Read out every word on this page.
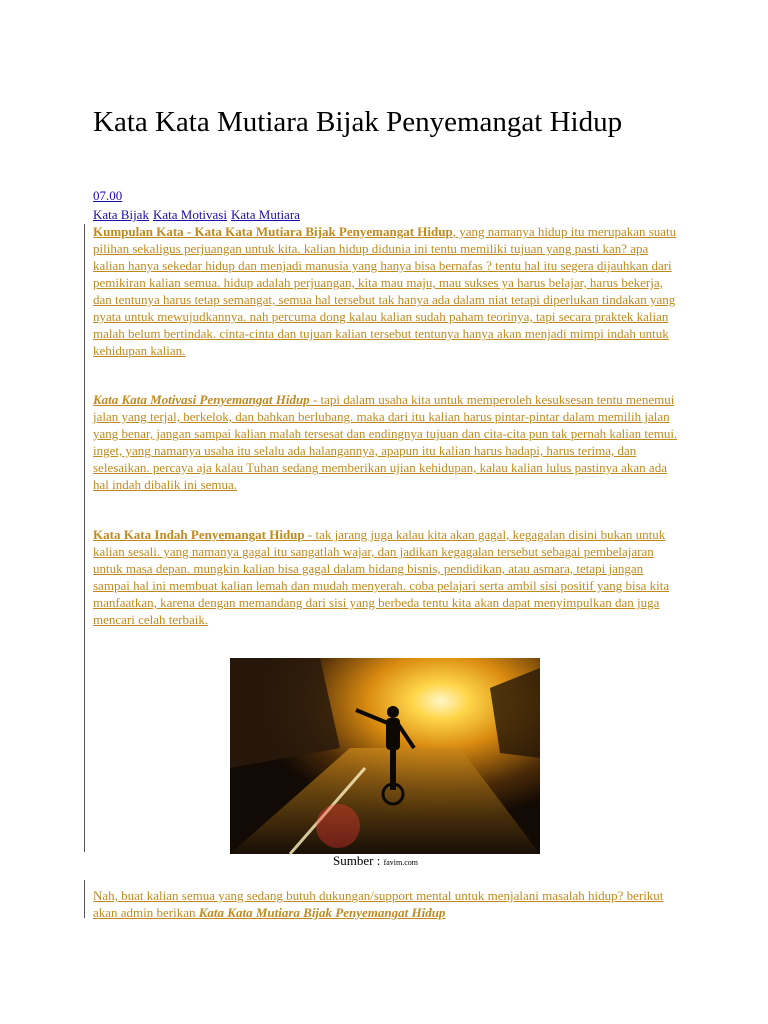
Kata Kata Mutiara Bijak Penyemangat Hidup
07.00
Kata Bijak Kata Motivasi Kata Mutiara
Kumpulan Kata - Kata Kata Mutiara Bijak Penyemangat Hidup, yang namanya hidup itu merupakan suatu pilihan sekaligus perjuangan untuk kita. kalian hidup didunia ini tentu memiliki tujuan yang pasti kan? apa kalian hanya sekedar hidup dan menjadi manusia yang hanya bisa bernafas ? tentu hal itu segera dijauhkan dari pemikiran kalian semua. hidup adalah perjuangan, kita mau maju, mau sukses ya harus belajar, harus bekerja, dan tentunya harus tetap semangat, semua hal tersebut tak hanya ada dalam niat tetapi diperlukan tindakan yang nyata untuk mewujudkannya. nah percuma dong kalau kalian sudah paham teorinya, tapi secara praktek kalian malah belum bertindak. cinta-cinta dan tujuan kalian tersebut tentunya hanya akan menjadi mimpi indah untuk kehidupan kalian.
Kata Kata Motivasi Penyemangat Hidup - tapi dalam usaha kita untuk memperoleh kesuksesan tentu menemui jalan yang terjal, berkelok, dan bahkan berlubang. maka dari itu kalian harus pintar-pintar dalam memilih jalan yang benar, jangan sampai kalian malah tersesat dan endingnya tujuan dan cita-cita pun tak pernah kalian temui. inget, yang namanya usaha itu selalu ada halangannya, apapun itu kalian harus hadapi, harus terima, dan selesaikan. percaya aja kalau Tuhan sedang memberikan ujian kehidupan, kalau kalian lulus pastinya akan ada hal indah dibalik ini semua.
Kata Kata Indah Penyemangat Hidup - tak jarang juga kalau kita akan gagal, kegagalan disini bukan untuk kalian sesali. yang namanya gagal itu sangatlah wajar, dan jadikan kegagalan tersebut sebagai pembelajaran untuk masa depan. mungkin kalian bisa gagal dalam bidang bisnis, pendidikan, atau asmara, tetapi jangan sampai hal ini membuat kalian lemah dan mudah menyerah. coba pelajari serta ambil sisi positif yang bisa kita manfaatkan, karena dengan memandang dari sisi yang berbeda tentu kita akan dapat menyimpulkan dan juga mencari celah terbaik.
Sumber : favim.com
Nah, buat kalian semua yang sedang butuh dukungan/support mental untuk menjalani masalah hidup? berikut akan admin berikan Kata Kata Mutiara Bijak Penyemangat Hidup
